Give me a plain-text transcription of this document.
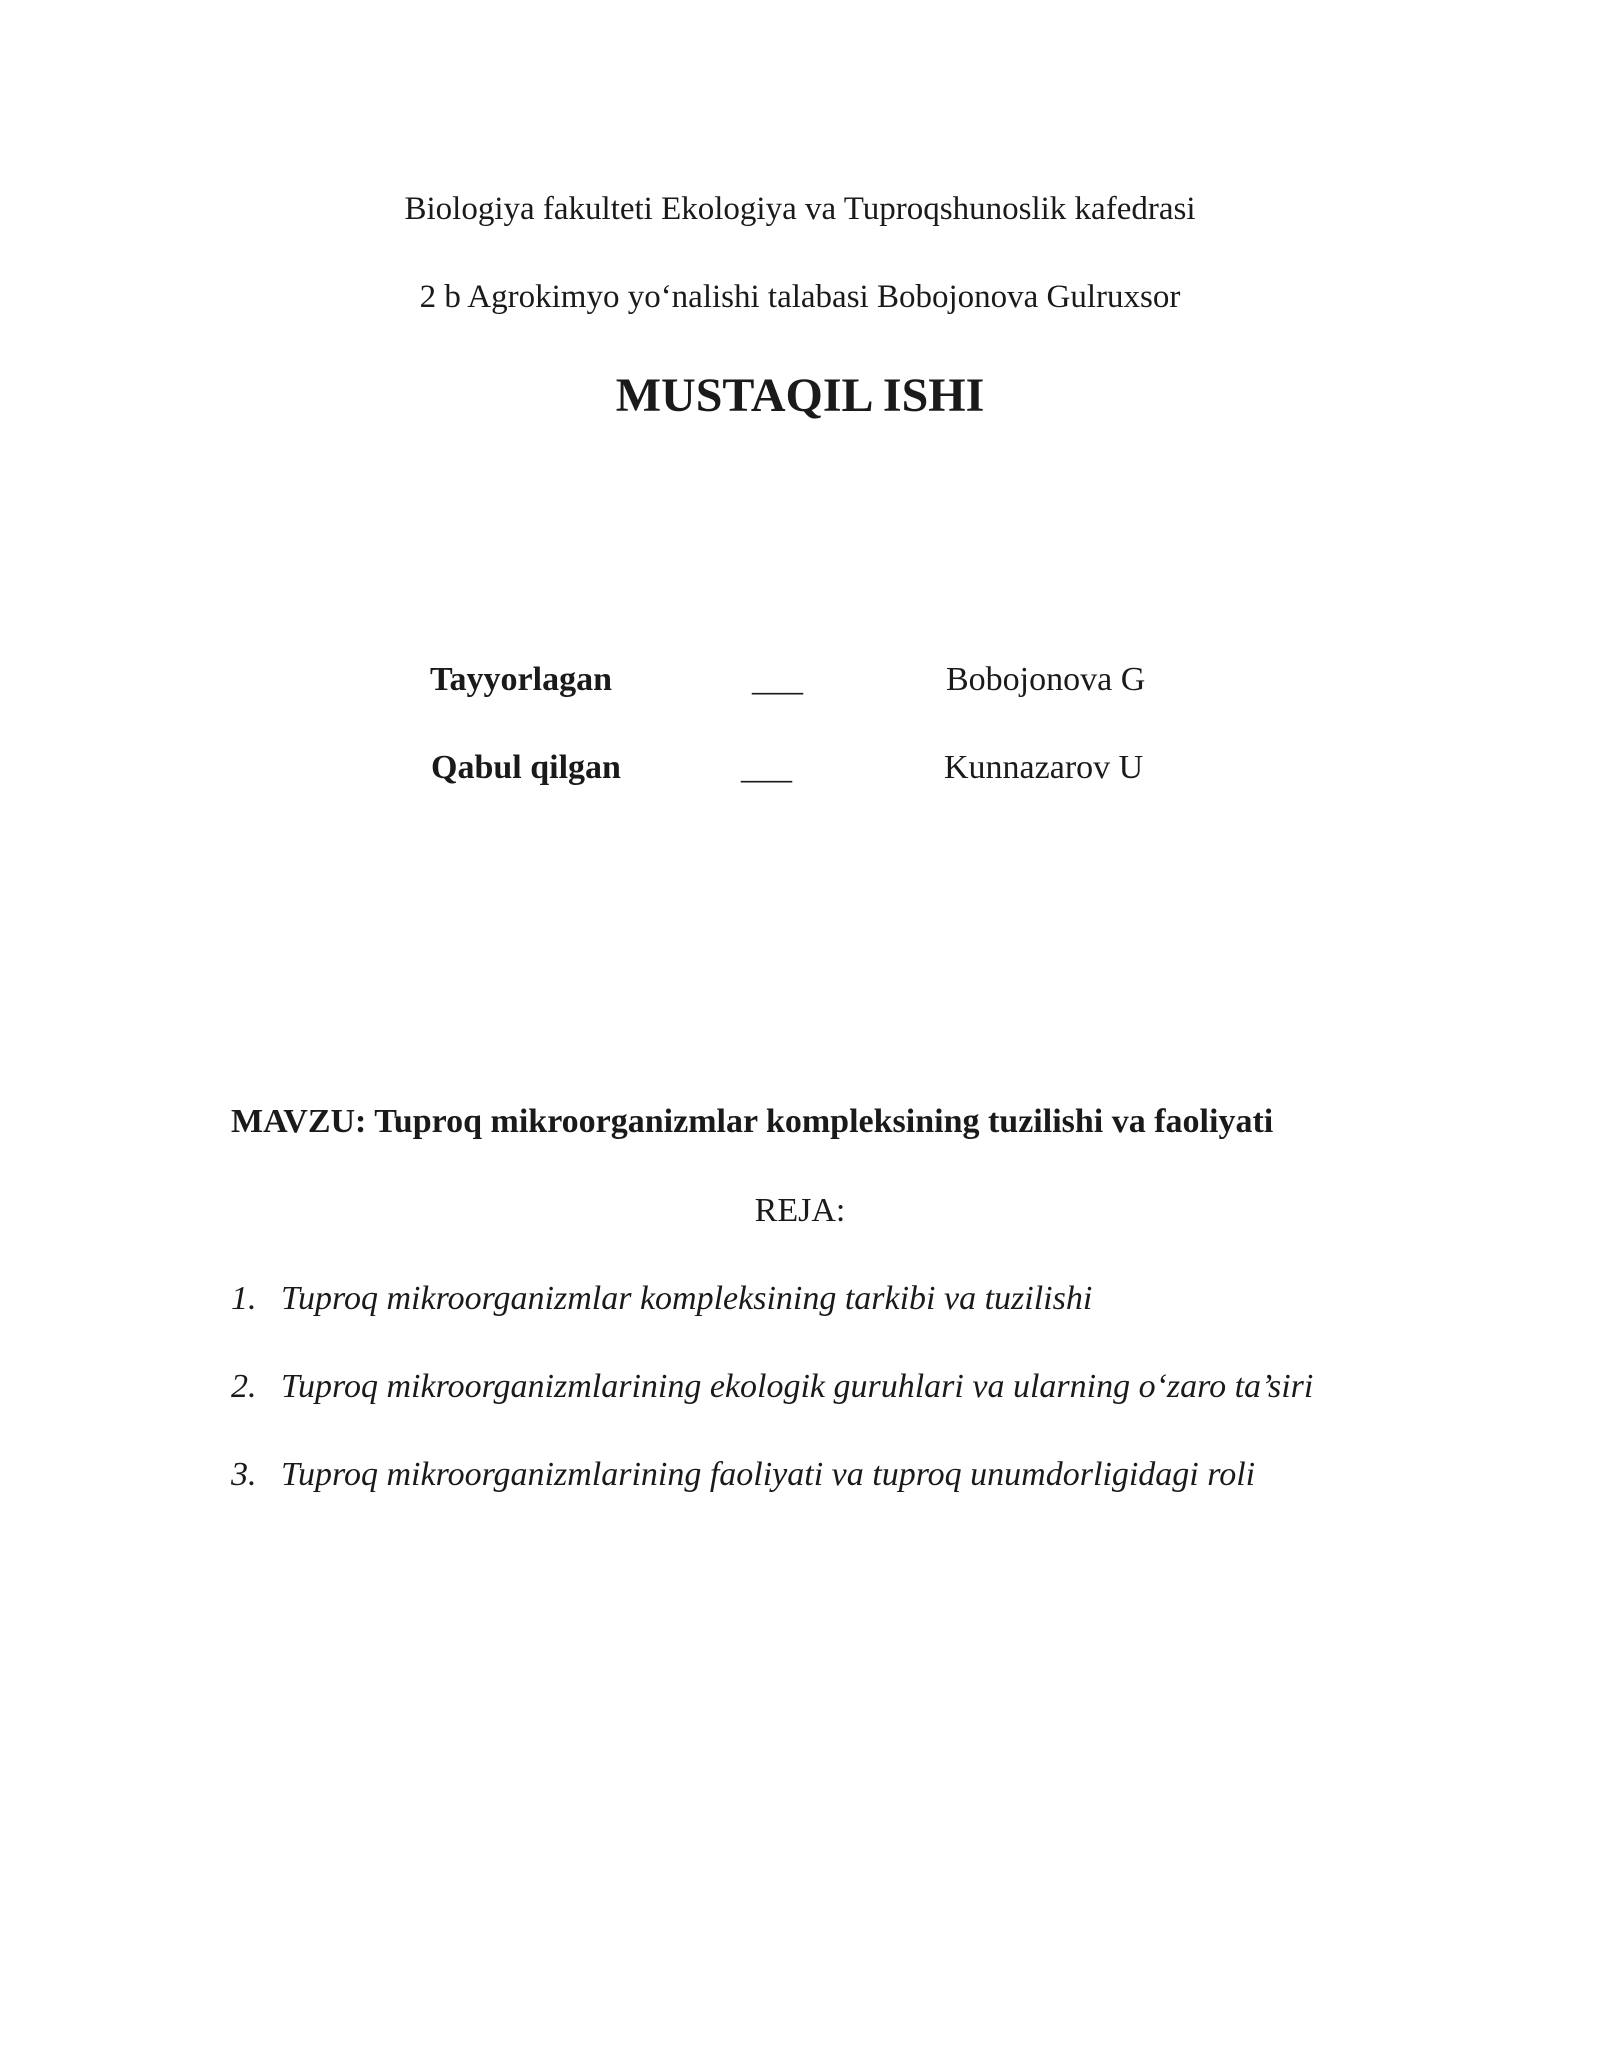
Biologiya fakulteti Ekologiya va Tuproqshunoslik kafedrasi
2 b Agrokimyo yo‘nalishi talabasi Bobojonova Gulruxsor
MUSTAQIL ISHI
Tayyorlagan	___	Bobojonova G
Qabul qilgan	___	Kunnazarov U
MAVZU: Tuproq mikroorganizmlar kompleksining tuzilishi va faoliyati
REJA:
1. Tuproq mikroorganizmlar kompleksining tarkibi va tuzilishi
2. Tuproq mikroorganizmlarining ekologik guruhlari va ularning o‘zaro ta’siri
3. Tuproq mikroorganizmlarining faoliyati va tuproq unumdorligidagi roli
